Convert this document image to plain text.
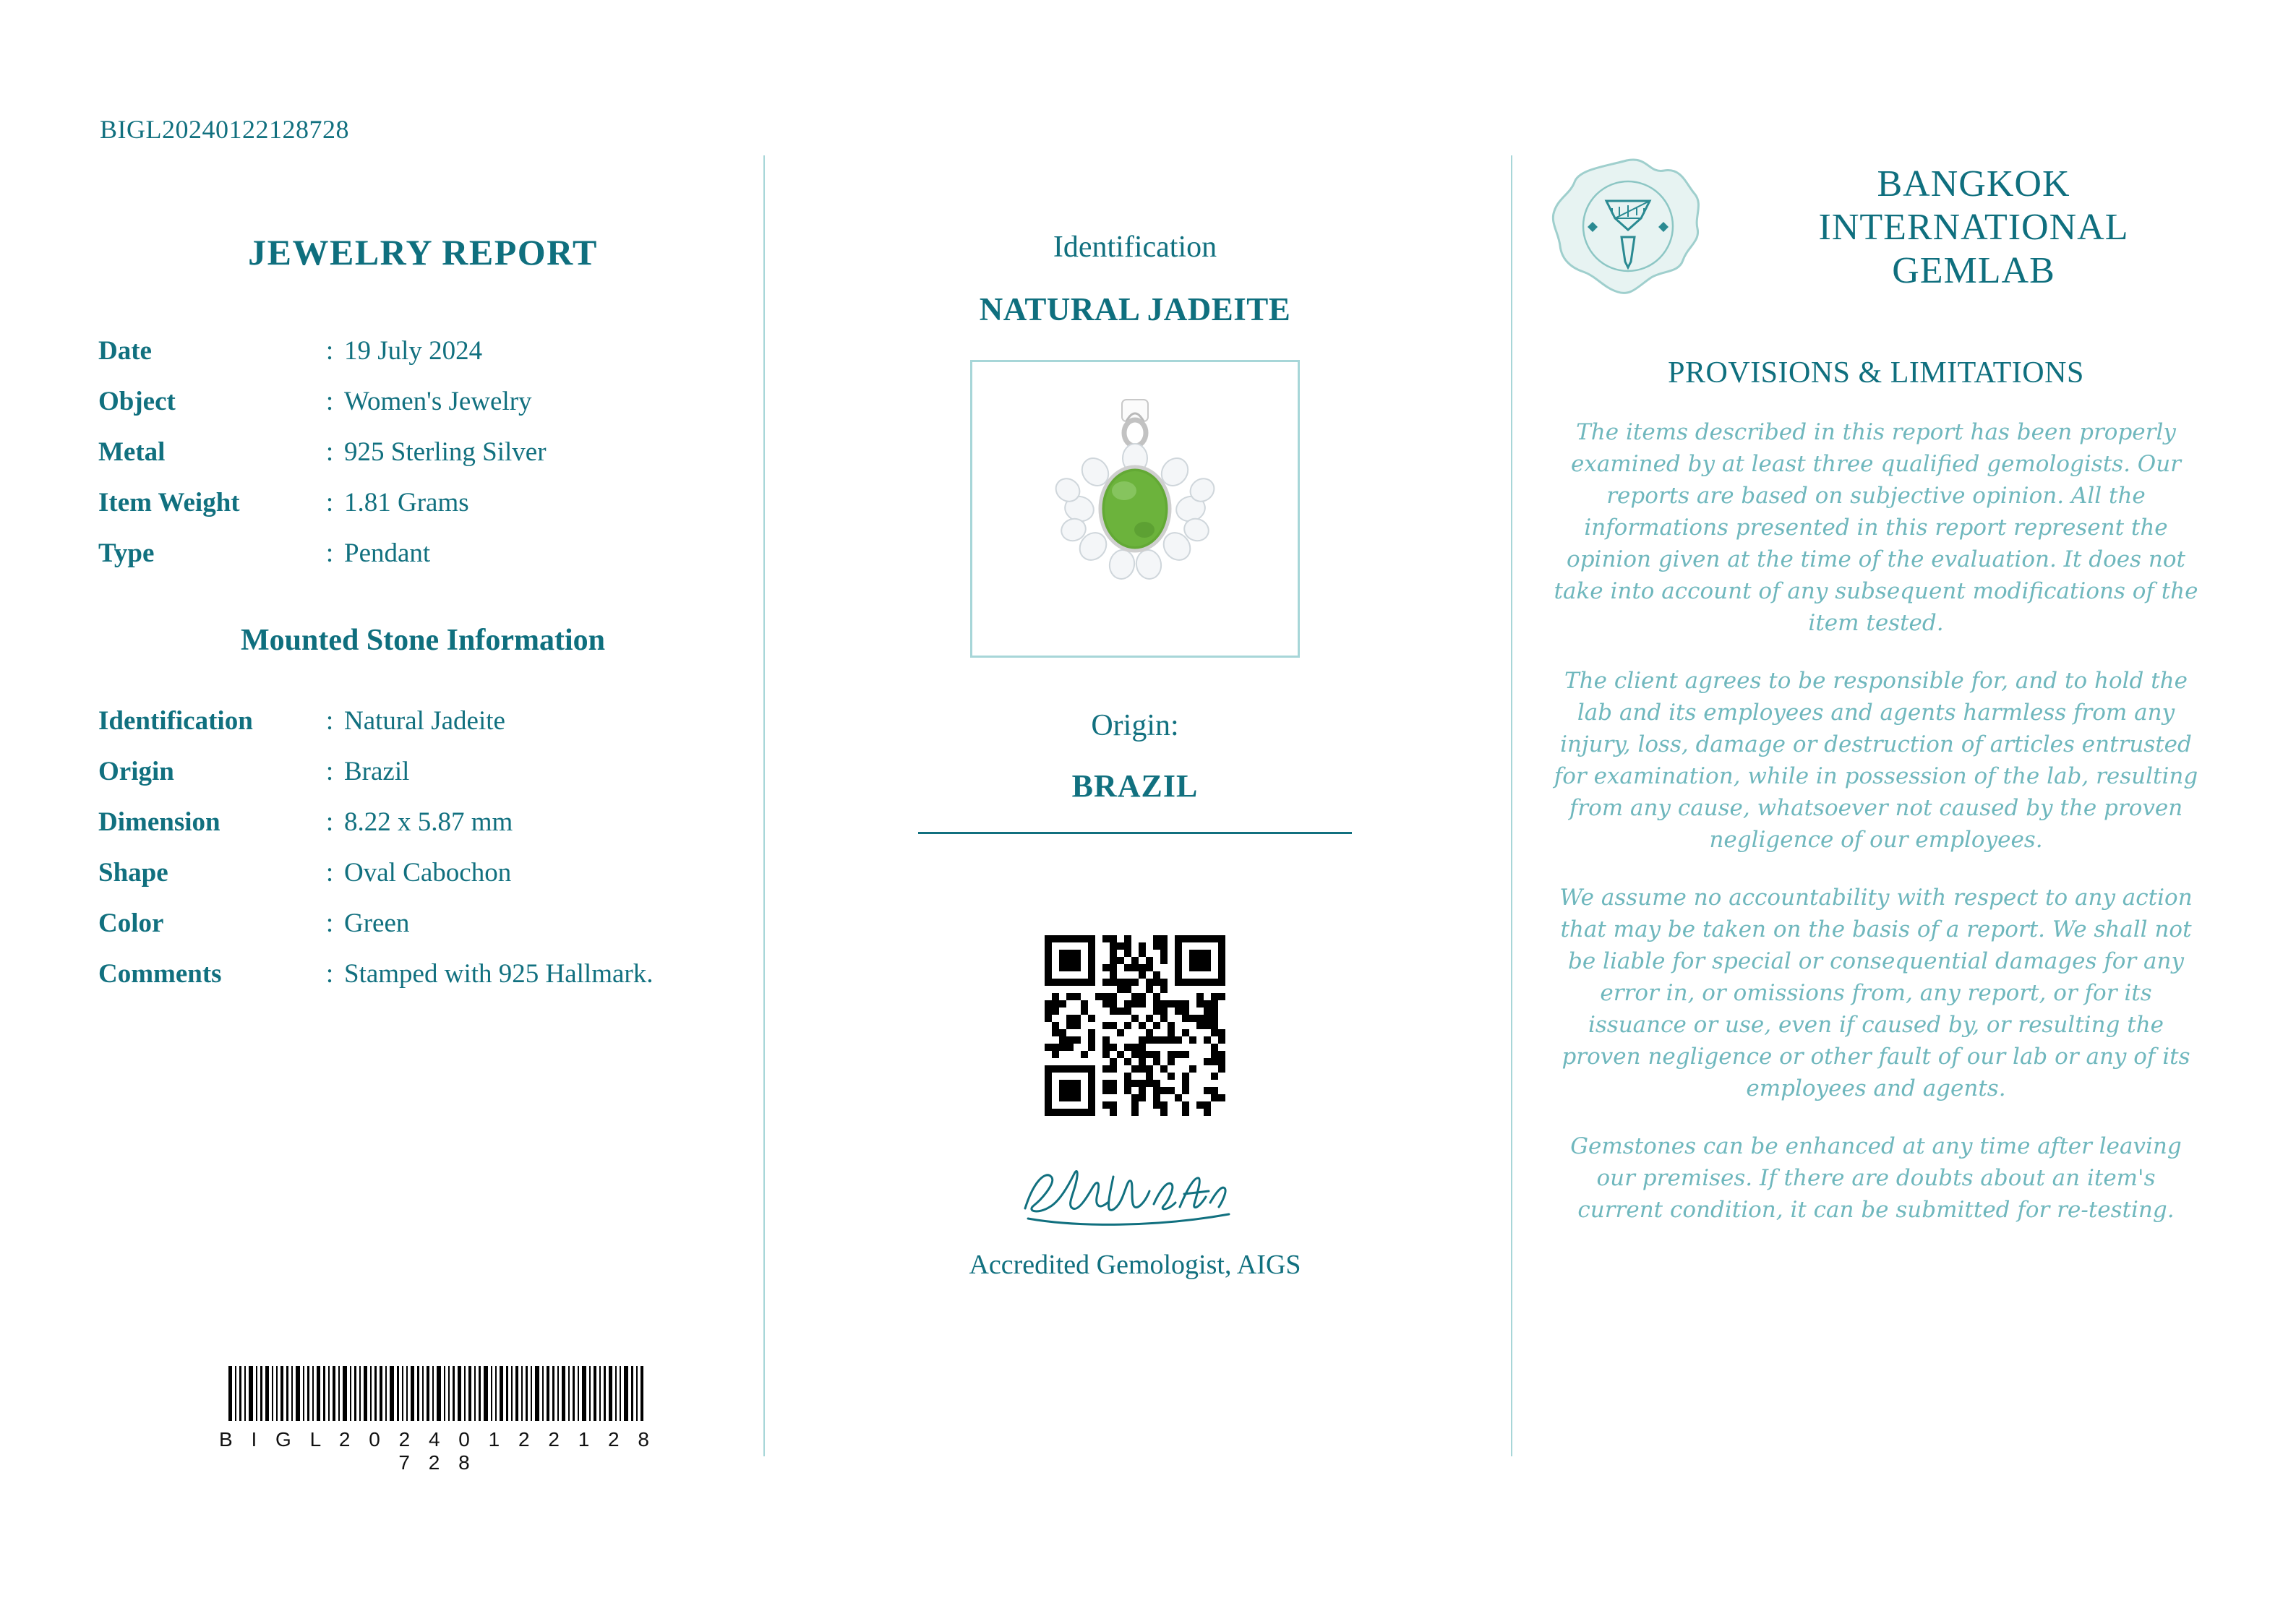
BIGL20240122128728
JEWELRY REPORT
Date	:	19 July 2024
Object	:	Women's Jewelry
Metal	:	925 Sterling Silver
Item Weight	:	1.81 Grams
Type	:	Pendant
Mounted Stone Information
Identification	:	Natural Jadeite
Origin	:	Brazil
Dimension	:	8.22 x 5.87 mm
Shape	:	Oval Cabochon
Color	:	Green
Comments	:	Stamped with 925 Hallmark.
B I G L 2 0 2 4 0 1 2 2 1 2 8 7 2 8
Identification
NATURAL JADEITE
Origin:
BRAZIL
Accredited Gemologist, AIGS
BANGKOK INTERNATIONAL GEMLAB
PROVISIONS & LIMITATIONS
The items described in this report has been properly examined by at least three qualified gemologists. Our reports are based on subjective opinion. All the informations presented in this report represent the opinion given at the time of the evaluation. It does not take into account of any subsequent modifications of the item tested.
The client agrees to be responsible for, and to hold the lab and its employees and agents harmless from any injury, loss, damage or destruction of articles entrusted for examination, while in possession of the lab, resulting from any cause, whatsoever not caused by the proven negligence of our employees.
We assume no accountability with respect to any action that may be taken on the basis of a report. We shall not be liable for special or consequential damages for any error in, or omissions from, any report, or for its issuance or use, even if caused by, or resulting the proven negligence or other fault of our lab or any of its employees and agents.
Gemstones can be enhanced at any time after leaving our premises. If there are doubts about an item's current condition, it can be submitted for re-testing.
